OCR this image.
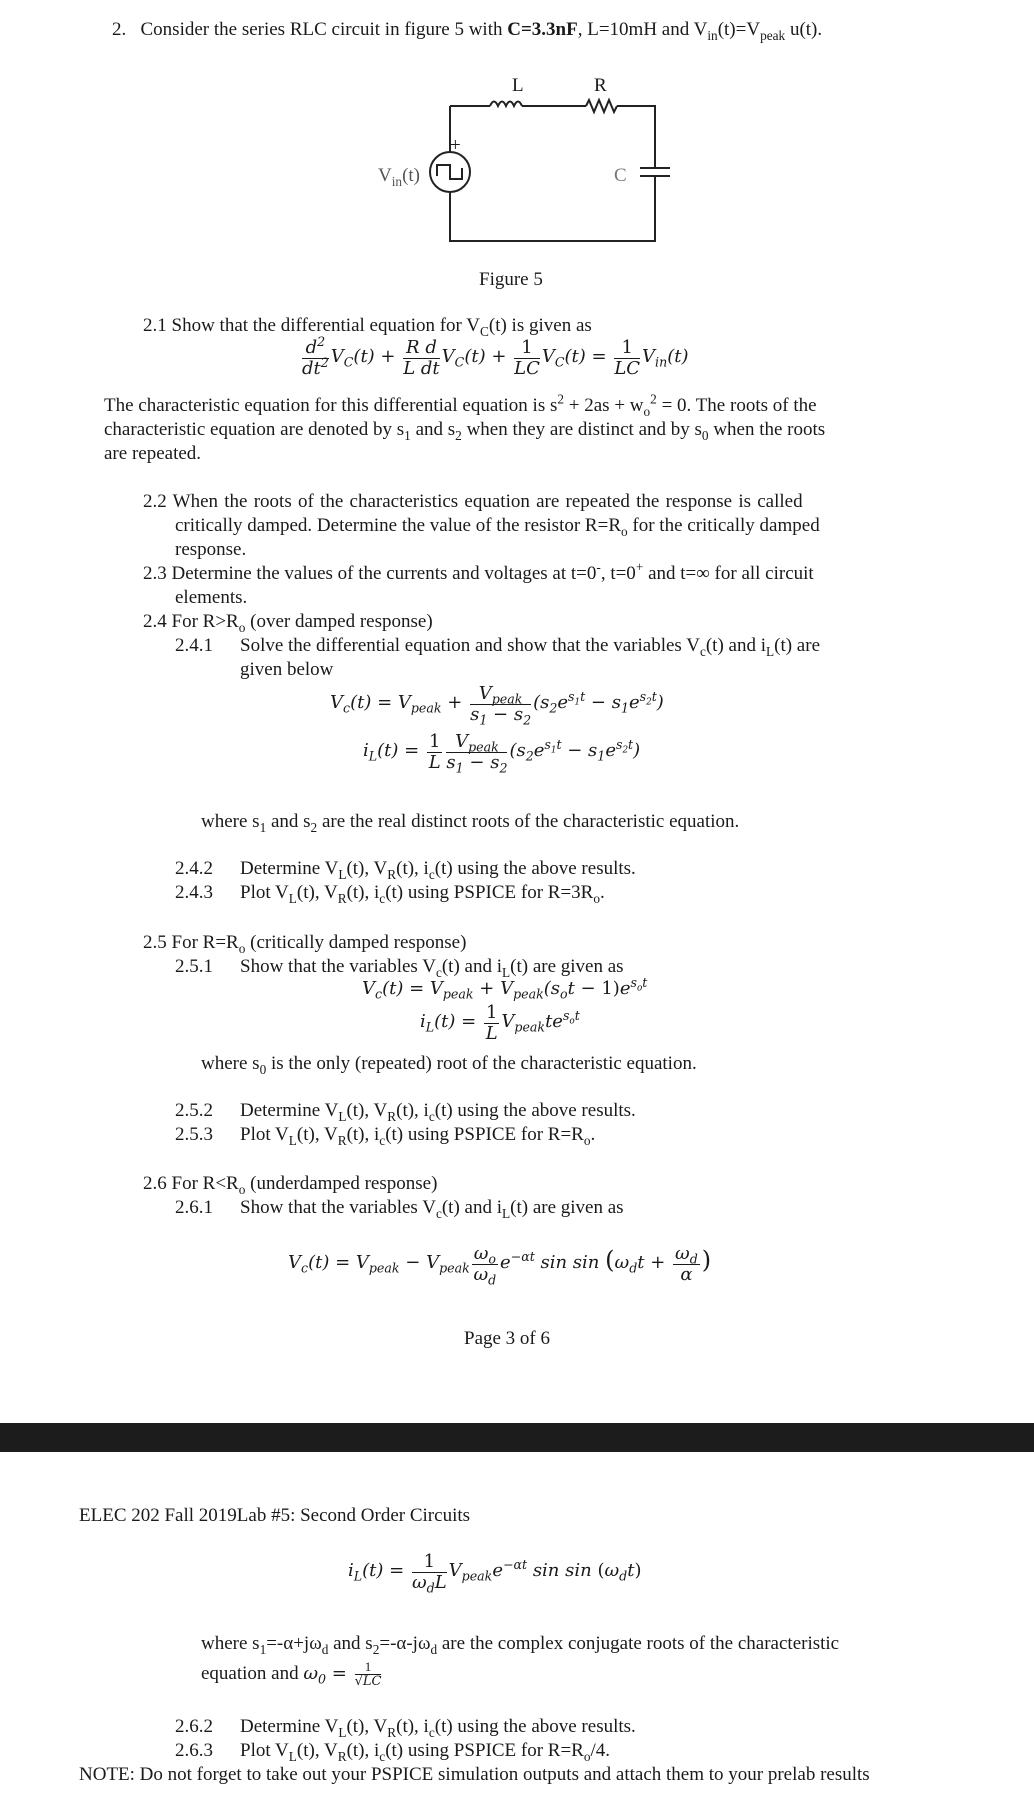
2. Consider the series RLC circuit in figure 5 with C=3.3nF, L=10mH and $V_{in}(t)=V_{peak}$ u(t).
L	R
C
+
$V_{in}(t)$
Figure 5
2.1 Show that the differential equation for $V_C(t)$ is given as
$\frac{d^2}{dt^2} V_C(t) + \frac{\text{R d}}{\text{L dt}} V_C(t) + \frac{1}{LC} V_C(t) = \frac{1}{LC} V_{in}(t)$
The characteristic equation for this differential equation is $s^2 + 2as + w_o^2 = 0$. The roots of the
characteristic equation are denoted by $s_1$ and $s_2$ when they are distinct and by $s_0$ when the roots
are repeated.
2.2 When the roots of the characteristics equation are repeated the response is called
critically damped. Determine the value of the resistor $R=R_o$ for the critically damped
response.
2.3 Determine the values of the currents and voltages at t=0-, t=0+ and t=∞ for all circuit
elements.
2.4 For $R>R_o$ (over damped response)
2.4.1 Solve the differential equation and show that the variables $V_c(t)$ and $i_L(t)$ are
given below
$V_c(t) = V_{peak} + \frac{V_{peak}}{s_1 - s_2} (s_2e^{s_1t} - s_1e^{s_2t})$
$i_L(t) = \frac{1}{L} \frac{V_{peak}}{s_1 - s_2} (s_2e^{s_1t} - s_1e^{s_2t})$
where $s_1$ and $s_2$ are the real distinct roots of the characteristic equation.
2.4.2 Determine $V_L(t)$, $V_R(t)$, $i_c(t)$ using the above results.
2.4.3 Plot $V_L(t)$, $V_R(t)$, $i_c(t)$ using PSPICE for $R=3R_o$.
2.5 For $R=R_o$ (critically damped response)
2.5.1 Show that the variables $V_c(t)$ and $i_L(t)$ are given as
$V_c(t) = V_{peak} + V_{peak}(s_ot - 1)e^{s_ot}$
$i_L(t) = \frac{1}{L} V_{peak}te^{s_ot}$
where $s_0$ is the only (repeated) root of the characteristic equation.
2.5.2 Determine $V_L(t)$, $V_R(t)$, $i_c(t)$ using the above results.
2.5.3 Plot $V_L(t)$, $V_R(t)$, $i_c(t)$ using PSPICE for $R=R_o$.
2.6 For $R<R_o$ (underdamped response)
2.6.1 Show that the variables $V_c(t)$ and $i_L(t)$ are given as
$V_c(t) = V_{peak} - V_{peak} \frac{\omega_o}{\omega_d} e^{-\alpha t}$ $\sin \sin (\omega_dt + \frac{\omega_d}{\alpha}$ )
Page 3 of 6
ELEC 202 Fall 2019Lab #5: Second Order Circuits
$i_L(t) = \frac{1}{\omega_dL} V_{peak}e^{-\alpha t}$ $\sin \sin (\omega_dt)$
where $s_1=-\alpha+j\omega_d$ and $s_2=-\alpha-j\omega_d$ are the complex conjugate roots of the characteristic
equation and $\omega_0 = \frac{1}{√LC}$
2.6.2 Determine $V_L(t)$, $V_R(t)$, $i_c(t)$ using the above results.
2.6.3 Plot $V_L(t)$, $V_R(t)$, $i_c(t)$ using PSPICE for $R=R_o/4$.
NOTE: Do not forget to take out your PSPICE simulation outputs and attach them to your prelab results
